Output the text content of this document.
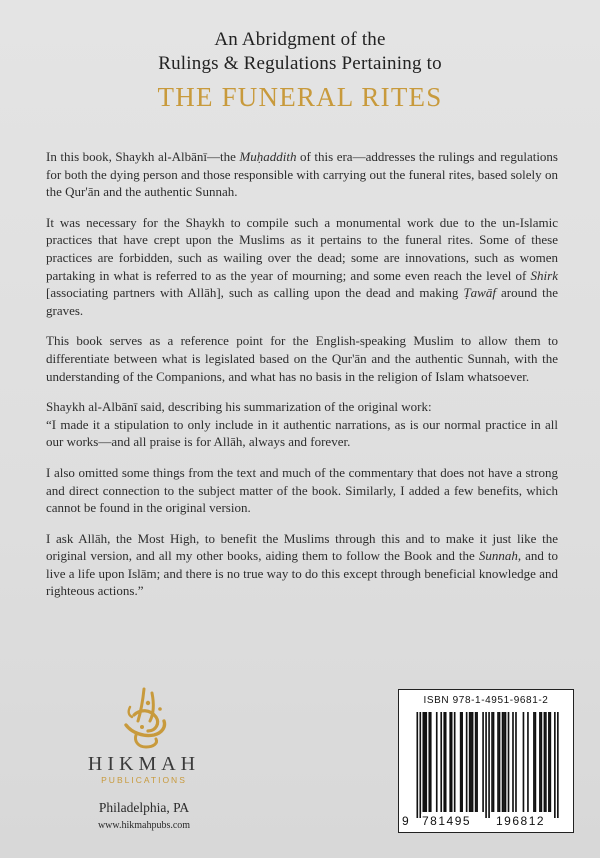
An Abridgment of the
Rulings & Regulations Pertaining to
THE FUNERAL RITES

In this book, Shaykh al-Albānī—the Muḥaddith of this era—addresses the rulings and regulations for both the dying person and those responsible with carrying out the funeral rites, based solely on the Qur'ān and the authentic Sunnah.

It was necessary for the Shaykh to compile such a monumental work due to the un-Islamic practices that have crept upon the Muslims as it pertains to the funeral rites. Some of these practices are forbidden, such as wailing over the dead; some are innovations, such as women partaking in what is referred to as the year of mourning; and some even reach the level of Shirk [associating partners with Allāh], such as calling upon the dead and making Ṭawāf around the graves.

This book serves as a reference point for the English-speaking Muslim to allow them to differentiate between what is legislated based on the Qur'ān and the authentic Sunnah, with the understanding of the Companions, and what has no basis in the religion of Islam whatsoever.

Shaykh al-Albānī said, describing his summarization of the original work:

“I made it a stipulation to only include in it authentic narrations, as is our normal practice in all our works—and all praise is for Allāh, always and forever.

I also omitted some things from the text and much of the commentary that does not have a strong and direct connection to the subject matter of the book. Similarly, I added a few benefits, which cannot be found in the original version.

I ask Allāh, the Most High, to benefit the Muslims through this and to make it just like the original version, and all my other books, aiding them to follow the Book and the Sunnah, and to live a life upon Islām; and there is no true way to do this except through beneficial knowledge and righteous actions.”

HIKMAH
PUBLICATIONS
Philadelphia, PA
www.hikmahpubs.com
ISBN 978-1-4951-9681-2
9 781495 196812
